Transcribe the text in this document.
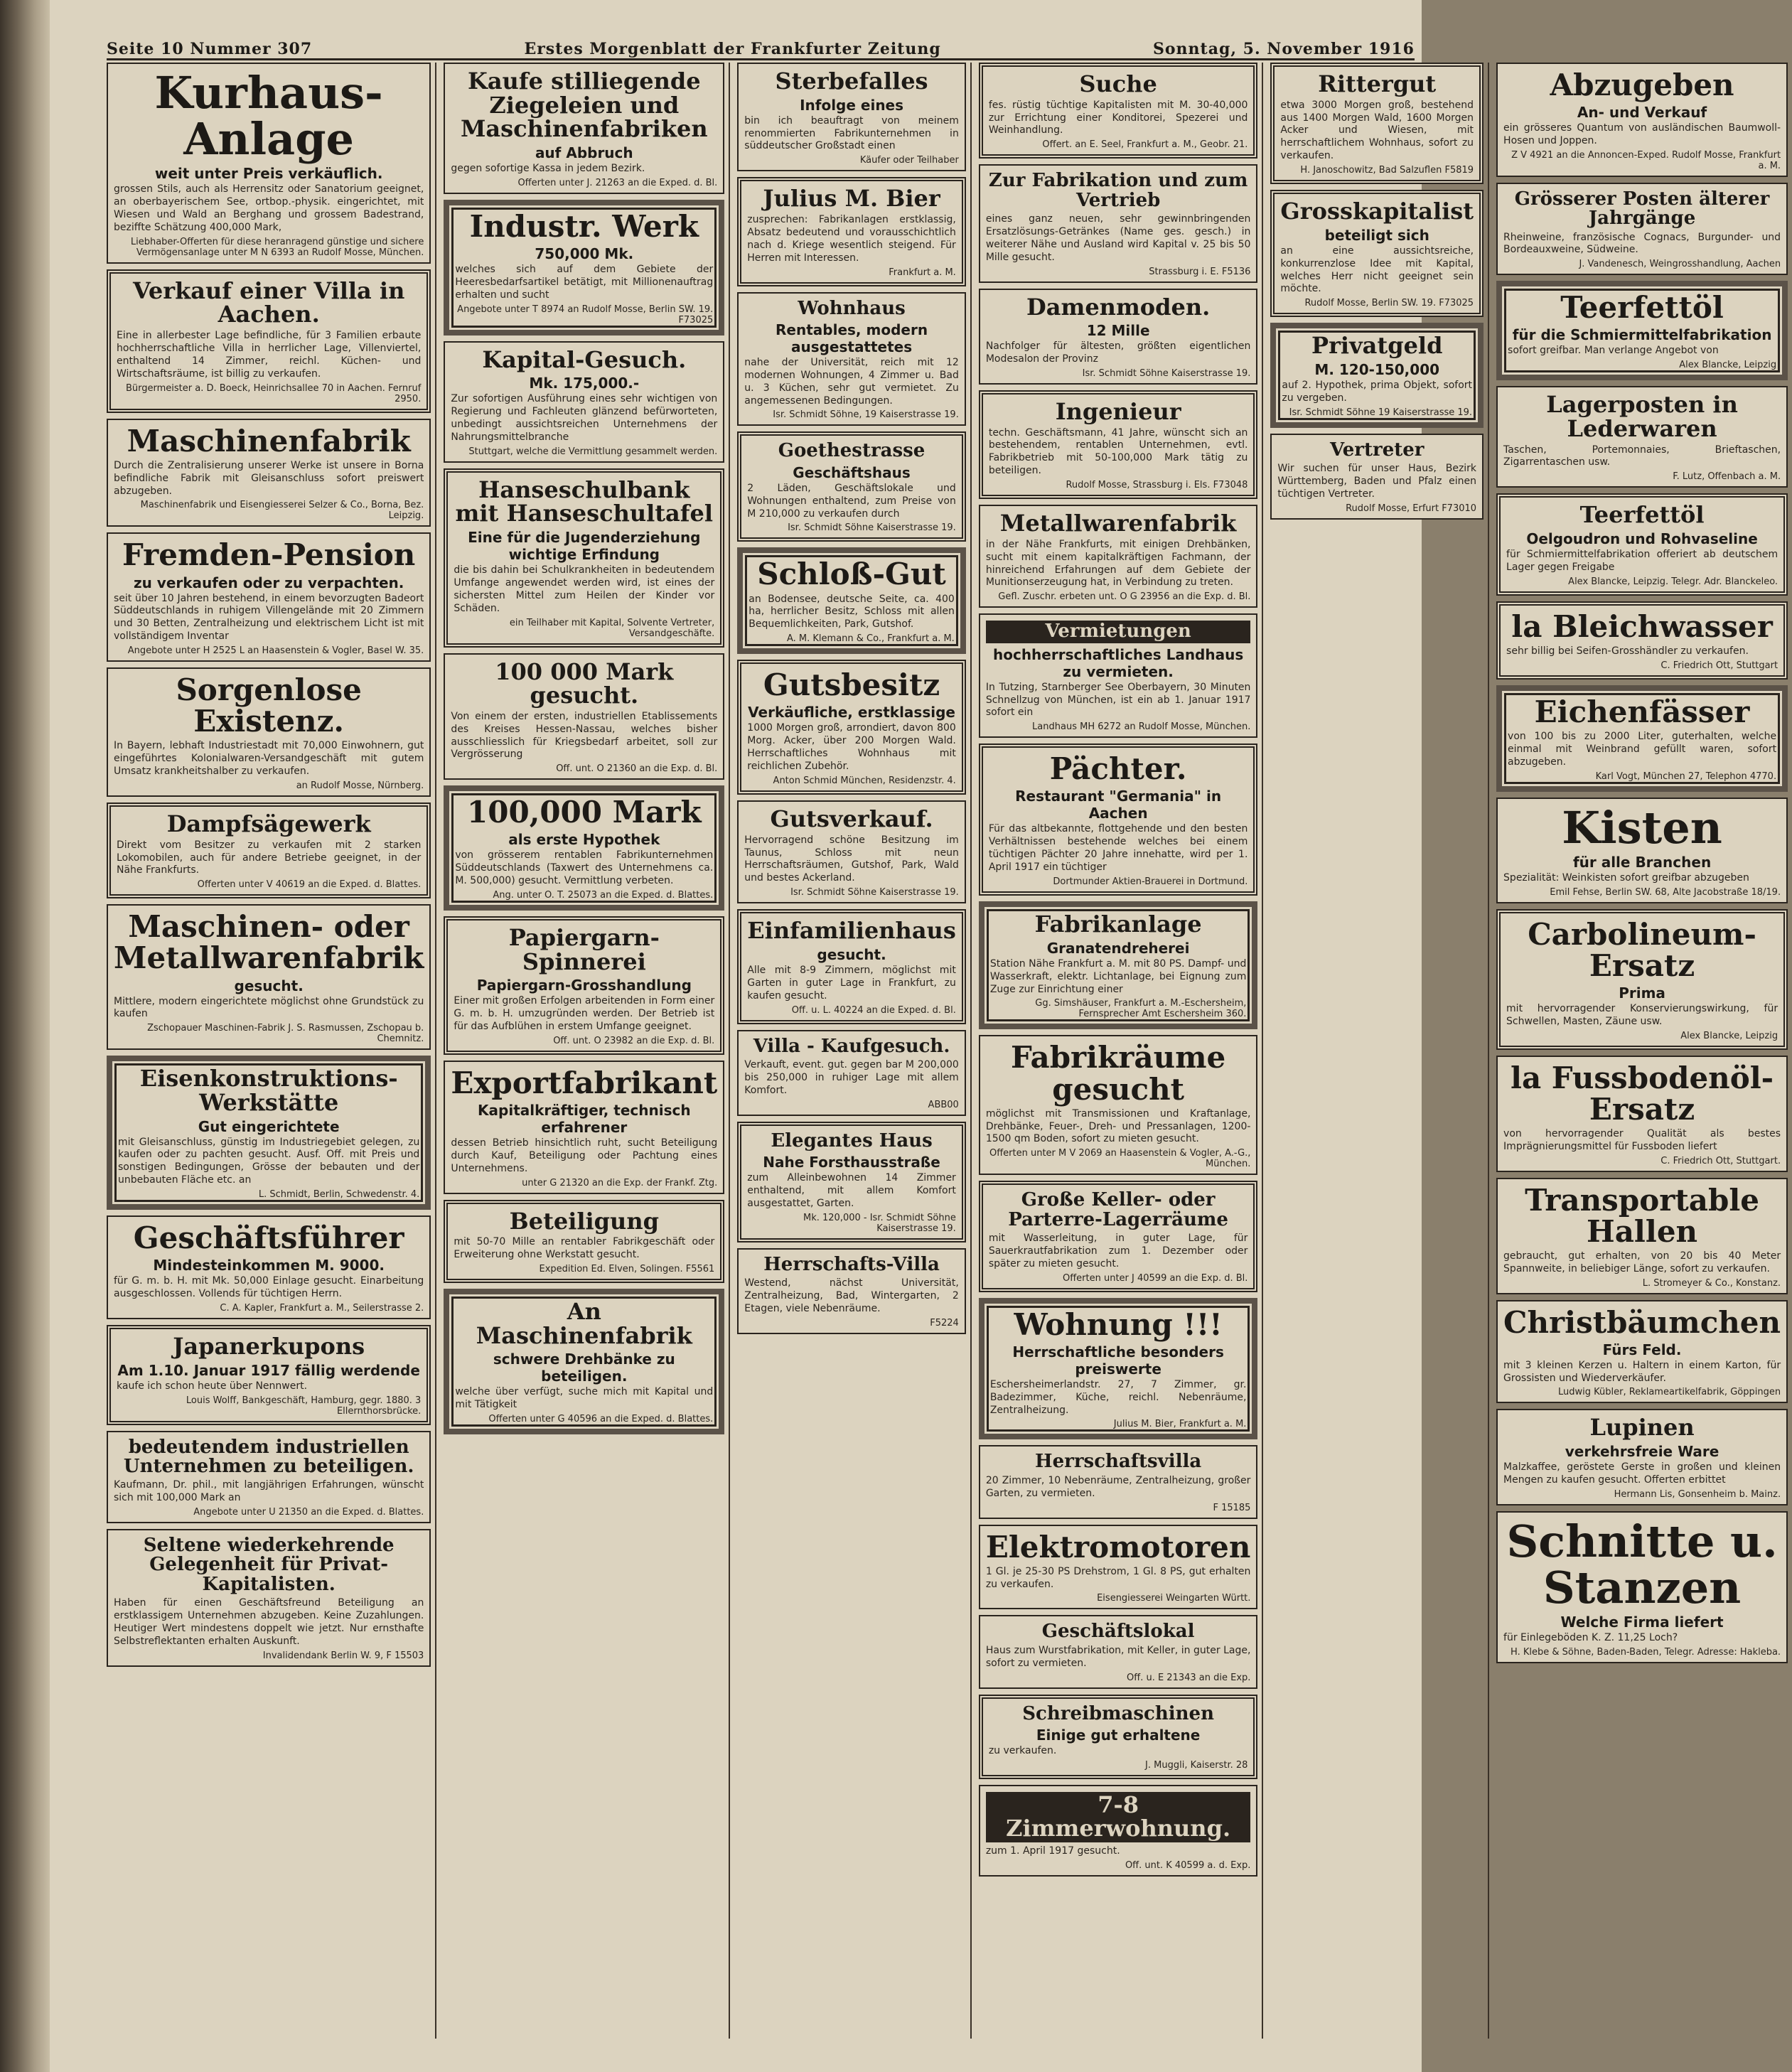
Seite 10 Nummer 307	Erstes Morgenblatt der Frankfurter Zeitung	Sonntag, 5. November 1916
Kurhaus-Anlage
weit unter Preis verkäuflich.
grossen Stils, auch als Herrensitz oder Sanatorium geeignet, an oberbayerischem See, ortbop.-physik. eingerichtet, mit Wiesen und Wald an Berghang und grossem Badestrand, beziffte Schätzung 400,000 Mark,
Liebhaber-Offerten für diese heranragend günstige und sichere Vermögensanlage unter M N 6393 an Rudolf Mosse, München.
Verkauf einer Villa in Aachen.
Eine in allerbester Lage befindliche, für 3 Familien erbaute hochherrschaftliche Villa in herrlicher Lage, Villenviertel, enthaltend 14 Zimmer, reichl. Küchen- und Wirtschaftsräume, ist billig zu verkaufen.
Bürgermeister a. D. Boeck, Heinrichsallee 70 in Aachen. Fernruf 2950.
Maschinenfabrik
Durch die Zentralisierung unserer Werke ist unsere in Borna befindliche Fabrik mit Gleisanschluss sofort preiswert abzugeben.
Maschinenfabrik und Eisengiesserei Selzer & Co., Borna, Bez. Leipzig.
Fremden-Pension
zu verkaufen oder zu verpachten.
seit über 10 Jahren bestehend, in einem bevorzugten Badeort Süddeutschlands in ruhigem Villengelände mit 20 Zimmern und 30 Betten, Zentralheizung und elektrischem Licht ist mit vollständigem Inventar
Angebote unter H 2525 L an Haasenstein & Vogler, Basel W. 35.
Sorgenlose Existenz.
In Bayern, lebhaft Industriestadt mit 70,000 Einwohnern, gut eingeführtes Kolonialwaren-Versandgeschäft mit gutem Umsatz krankheitshalber zu verkaufen.
an Rudolf Mosse, Nürnberg.
Dampfsägewerk
Direkt vom Besitzer zu verkaufen mit 2 starken Lokomobilen, auch für andere Betriebe geeignet, in der Nähe Frankfurts.
Offerten unter V 40619 an die Exped. d. Blattes.
Maschinen- oder Metallwarenfabrik
gesucht.
Mittlere, modern eingerichtete möglichst ohne Grundstück zu kaufen
Zschopauer Maschinen-Fabrik J. S. Rasmussen, Zschopau b. Chemnitz.
Eisenkonstruktions-Werkstätte
Gut eingerichtete
mit Gleisanschluss, günstig im Industriegebiet gelegen, zu kaufen oder zu pachten gesucht. Ausf. Off. mit Preis und sonstigen Bedingungen, Grösse der bebauten und der unbebauten Fläche etc. an
L. Schmidt, Berlin, Schwedenstr. 4.
Geschäftsführer
Mindesteinkommen M. 9000.
für G. m. b. H. mit Mk. 50,000 Einlage gesucht. Einarbeitung ausgeschlossen. Vollends für tüchtigen Herrn.
C. A. Kapler, Frankfurt a. M., Seilerstrasse 2.
Japanerkupons
Am 1.10. Januar 1917 fällig werdende
kaufe ich schon heute über Nennwert.
Louis Wolff, Bankgeschäft, Hamburg, gegr. 1880. 3 Ellernthorsbrücke.
bedeutendem industriellen Unternehmen zu beteiligen.
Kaufmann, Dr. phil., mit langjährigen Erfahrungen, wünscht sich mit 100,000 Mark an
Angebote unter U 21350 an die Exped. d. Blattes.
Seltene wiederkehrende Gelegenheit für Privat-Kapitalisten.
Haben für einen Geschäftsfreund Beteiligung an erstklassigem Unternehmen abzugeben. Keine Zuzahlungen. Heutiger Wert mindestens doppelt wie jetzt. Nur ernsthafte Selbstreflektanten erhalten Auskunft.
Invalidendank Berlin W. 9, F 15503
Kaufe stilliegende Ziegeleien und Maschinenfabriken
auf Abbruch
gegen sofortige Kassa in jedem Bezirk.
Offerten unter J. 21263 an die Exped. d. Bl.
Industr. Werk
750,000 Mk.
welches sich auf dem Gebiete der Heeresbedarfsartikel betätigt, mit Millionenauftrag erhalten und sucht
Angebote unter T 8974 an Rudolf Mosse, Berlin SW. 19. F73025
Kapital-Gesuch.
Mk. 175,000.-
Zur sofortigen Ausführung eines sehr wichtigen von Regierung und Fachleuten glänzend befürworteten, unbedingt aussichtsreichen Unternehmens der Nahrungsmittelbranche
Stuttgart, welche die Vermittlung gesammelt werden.
Hanseschulbank mit Hanseschultafel
Eine für die Jugenderziehung wichtige Erfindung
die bis dahin bei Schulkrankheiten in bedeutendem Umfange angewendet werden wird, ist eines der sichersten Mittel zum Heilen der Kinder vor Schäden.
ein Teilhaber mit Kapital, Solvente Vertreter, Versandgeschäfte.
100 000 Mark gesucht.
Von einem der ersten, industriellen Etablissements des Kreises Hessen-Nassau, welches bisher ausschliesslich für Kriegsbedarf arbeitet, soll zur Vergrösserung
Off. unt. O 21360 an die Exp. d. Bl.
100,000 Mark
als erste Hypothek
von grösserem rentablen Fabrikunternehmen Süddeutschlands (Taxwert des Unternehmens ca. M. 500,000) gesucht. Vermittlung verbeten.
Ang. unter O. T. 25073 an die Exped. d. Blattes.
Papiergarn-Spinnerei
Papiergarn-Grosshandlung
Einer mit großen Erfolgen arbeitenden in Form einer G. m. b. H. umzugründen werden. Der Betrieb ist für das Aufblühen in erstem Umfange geeignet.
Off. unt. O 23982 an die Exp. d. Bl.
Exportfabrikant
Kapitalkräftiger, technisch erfahrener
dessen Betrieb hinsichtlich ruht, sucht Beteiligung durch Kauf, Beteiligung oder Pachtung eines Unternehmens.
unter G 21320 an die Exp. der Frankf. Ztg.
Beteiligung
mit 50-70 Mille an rentabler Fabrikgeschäft oder Erweiterung ohne Werkstatt gesucht.
Expedition Ed. Elven, Solingen. F5561
An Maschinenfabrik
schwere Drehbänke zu beteiligen.
welche über verfügt, suche mich mit Kapital und mit Tätigkeit
Offerten unter G 40596 an die Exped. d. Blattes.
Sterbefalles
Infolge eines
bin ich beauftragt von meinem renommierten Fabrikunternehmen in süddeutscher Großstadt einen
Käufer oder Teilhaber
Julius M. Bier
zusprechen: Fabrikanlagen erstklassig, Absatz bedeutend und vorausschichtlich nach d. Kriege wesentlich steigend. Für Herren mit Interessen.
Frankfurt a. M.
Wohnhaus
Rentables, modern ausgestattetes
nahe der Universität, reich mit 12 modernen Wohnungen, 4 Zimmer u. Bad u. 3 Küchen, sehr gut vermietet. Zu angemessenen Bedingungen.
Isr. Schmidt Söhne, 19 Kaiserstrasse 19.
Goethestrasse
Geschäftshaus
2 Läden, Geschäftslokale und Wohnungen enthaltend, zum Preise von M 210,000 zu verkaufen durch
Isr. Schmidt Söhne Kaiserstrasse 19.
Schloß-Gut
an Bodensee, deutsche Seite, ca. 400 ha, herrlicher Besitz, Schloss mit allen Bequemlichkeiten, Park, Gutshof.
A. M. Klemann & Co., Frankfurt a. M.
Gutsbesitz
Verkäufliche, erstklassige
1000 Morgen groß, arrondiert, davon 800 Morg. Acker, über 200 Morgen Wald. Herrschaftliches Wohnhaus mit reichlichen Zubehör.
Anton Schmid München, Residenzstr. 4.
Gutsverkauf.
Hervorragend schöne Besitzung im Taunus, Schloss mit neun Herrschaftsräumen, Gutshof, Park, Wald und bestes Ackerland.
Isr. Schmidt Söhne Kaiserstrasse 19.
Einfamilienhaus
gesucht.
Alle mit 8-9 Zimmern, möglichst mit Garten in guter Lage in Frankfurt, zu kaufen gesucht.
Off. u. L. 40224 an die Exped. d. Bl.
Villa - Kaufgesuch.
Verkauft, event. gut. gegen bar M 200,000 bis 250,000 in ruhiger Lage mit allem Komfort.
ABB00
Elegantes Haus
Nahe Forsthausstraße
zum Alleinbewohnen 14 Zimmer enthaltend, mit allem Komfort ausgestattet, Garten.
Mk. 120,000 - Isr. Schmidt Söhne Kaiserstrasse 19.
Herrschafts-Villa
Westend, nächst Universität, Zentralheizung, Bad, Wintergarten, 2 Etagen, viele Nebenräume.
F5224
Suche
fes. rüstig tüchtige Kapitalisten mit M. 30-40,000 zur Errichtung einer Konditorei, Spezerei und Weinhandlung.
Offert. an E. Seel, Frankfurt a. M., Geobr. 21.
Zur Fabrikation und zum Vertrieb
eines ganz neuen, sehr gewinnbringenden Ersatzlösungs-Getränkes (Name ges. gesch.) in weiterer Nähe und Ausland wird Kapital v. 25 bis 50 Mille gesucht.
Strassburg i. E. F5136
Damenmoden.
12 Mille
Nachfolger für ältesten, größten eigentlichen Modesalon der Provinz
Isr. Schmidt Söhne Kaiserstrasse 19.
Ingenieur
techn. Geschäftsmann, 41 Jahre, wünscht sich an bestehendem, rentablen Unternehmen, evtl. Fabrikbetrieb mit 50-100,000 Mark tätig zu beteiligen.
Rudolf Mosse, Strassburg i. Els. F73048
Metallwarenfabrik
in der Nähe Frankfurts, mit einigen Drehbänken, sucht mit einem kapitalkräftigen Fachmann, der hinreichend Erfahrungen auf dem Gebiete der Munitionserzeugung hat, in Verbindung zu treten.
Gefl. Zuschr. erbeten unt. O G 23956 an die Exp. d. Bl.
Vermietungen
hochherrschaftliches Landhaus zu vermieten.
In Tutzing, Starnberger See Oberbayern, 30 Minuten Schnellzug von München, ist ein ab 1. Januar 1917 sofort ein
Landhaus MH 6272 an Rudolf Mosse, München.
Pächter.
Restaurant "Germania" in Aachen
Für das altbekannte, flottgehende und den besten Verhältnissen bestehende welches bei einem tüchtigen Pächter 20 Jahre innehatte, wird per 1. April 1917 ein tüchtiger
Dortmunder Aktien-Brauerei in Dortmund.
Fabrikanlage
Granatendreherei
Station Nähe Frankfurt a. M. mit 80 PS. Dampf- und Wasserkraft, elektr. Lichtanlage, bei Eignung zum Zuge zur Einrichtung einer
Gg. Simshäuser, Frankfurt a. M.-Eschersheim, Fernsprecher Amt Eschersheim 360.
Fabrikräume gesucht
möglichst mit Transmissionen und Kraftanlage, Drehbänke, Feuer-, Dreh- und Pressanlagen, 1200-1500 qm Boden, sofort zu mieten gesucht.
Offerten unter M V 2069 an Haasenstein & Vogler, A.-G., München.
Große Keller- oder Parterre-Lagerräume
mit Wasserleitung, in guter Lage, für Sauerkrautfabrikation zum 1. Dezember oder später zu mieten gesucht.
Offerten unter J 40599 an die Exp. d. Bl.
Wohnung !!!
Herrschaftliche besonders preiswerte
Eschersheimerlandstr. 27, 7 Zimmer, gr. Badezimmer, Küche, reichl. Nebenräume, Zentralheizung.
Julius M. Bier, Frankfurt a. M.
Herrschaftsvilla
20 Zimmer, 10 Nebenräume, Zentralheizung, großer Garten, zu vermieten.
F 15185
Elektromotoren
1 Gl. je 25-30 PS Drehstrom, 1 Gl. 8 PS, gut erhalten zu verkaufen.
Eisengiesserei Weingarten Württ.
Geschäftslokal
Haus zum Wurstfabrikation, mit Keller, in guter Lage, sofort zu vermieten.
Off. u. E 21343 an die Exp.
Schreibmaschinen
Einige gut erhaltene
zu verkaufen.
J. Muggli, Kaiserstr. 28
7-8 Zimmerwohnung.
zum 1. April 1917 gesucht.
Off. unt. K 40599 a. d. Exp.
Rittergut
etwa 3000 Morgen groß, bestehend aus 1400 Morgen Wald, 1600 Morgen Acker und Wiesen, mit herrschaftlichem Wohnhaus, sofort zu verkaufen.
H. Janoschowitz, Bad Salzuflen F5819
Grosskapitalist
beteiligt sich
an eine aussichtsreiche, konkurrenzlose Idee mit Kapital, welches Herr nicht geeignet sein möchte.
Rudolf Mosse, Berlin SW. 19. F73025
Privatgeld
M. 120-150,000
auf 2. Hypothek, prima Objekt, sofort zu vergeben.
Isr. Schmidt Söhne 19 Kaiserstrasse 19.
Vertreter
Wir suchen für unser Haus, Bezirk Württemberg, Baden und Pfalz einen tüchtigen Vertreter.
Rudolf Mosse, Erfurt F73010
Abzugeben
An- und Verkauf
ein grösseres Quantum von ausländischen Baumwoll-Hosen und Joppen.
Z V 4921 an die Annoncen-Exped. Rudolf Mosse, Frankfurt a. M.
Grösserer Posten älterer Jahrgänge
Rheinweine, französische Cognacs, Burgunder- und Bordeauxweine, Südweine.
J. Vandenesch, Weingrosshandlung, Aachen
Teerfettöl
für die Schmiermittelfabrikation
sofort greifbar. Man verlange Angebot von
Alex Blancke, Leipzig
Lagerposten in Lederwaren
Taschen, Portemonnaies, Brieftaschen, Zigarrentaschen usw.
F. Lutz, Offenbach a. M.
Teerfettöl
Oelgoudron und Rohvaseline
für Schmiermittelfabrikation offeriert ab deutschem Lager gegen Freigabe
Alex Blancke, Leipzig. Telegr. Adr. Blanckeleo.
la Bleichwasser
sehr billig bei Seifen-Grosshändler zu verkaufen.
C. Friedrich Ott, Stuttgart
Eichenfässer
von 100 bis zu 2000 Liter, guterhalten, welche einmal mit Weinbrand gefüllt waren, sofort abzugeben.
Karl Vogt, München 27, Telephon 4770.
Kisten
für alle Branchen
Spezialität: Weinkisten sofort greifbar abzugeben
Emil Fehse, Berlin SW. 68, Alte Jacobstraße 18/19.
Carbolineum-Ersatz
Prima
mit hervorragender Konservierungswirkung, für Schwellen, Masten, Zäune usw.
Alex Blancke, Leipzig
la Fussbodenöl-Ersatz
von hervorragender Qualität als bestes Imprägnierungsmittel für Fussboden liefert
C. Friedrich Ott, Stuttgart.
Transportable Hallen
gebraucht, gut erhalten, von 20 bis 40 Meter Spannweite, in beliebiger Länge, sofort zu verkaufen.
L. Stromeyer & Co., Konstanz.
Christbäumchen
Fürs Feld.
mit 3 kleinen Kerzen u. Haltern in einem Karton, für Grossisten und Wiederverkäufer.
Ludwig Kübler, Reklameartikelfabrik, Göppingen
Lupinen
verkehrsfreie Ware
Malzkaffee, geröstete Gerste in großen und kleinen Mengen zu kaufen gesucht. Offerten erbittet
Hermann Lis, Gonsenheim b. Mainz.
Schnitte u. Stanzen
Welche Firma liefert
für Einlegeböden K. Z. 11,25 Loch?
H. Klebe & Söhne, Baden-Baden, Telegr. Adresse: Hakleba.
